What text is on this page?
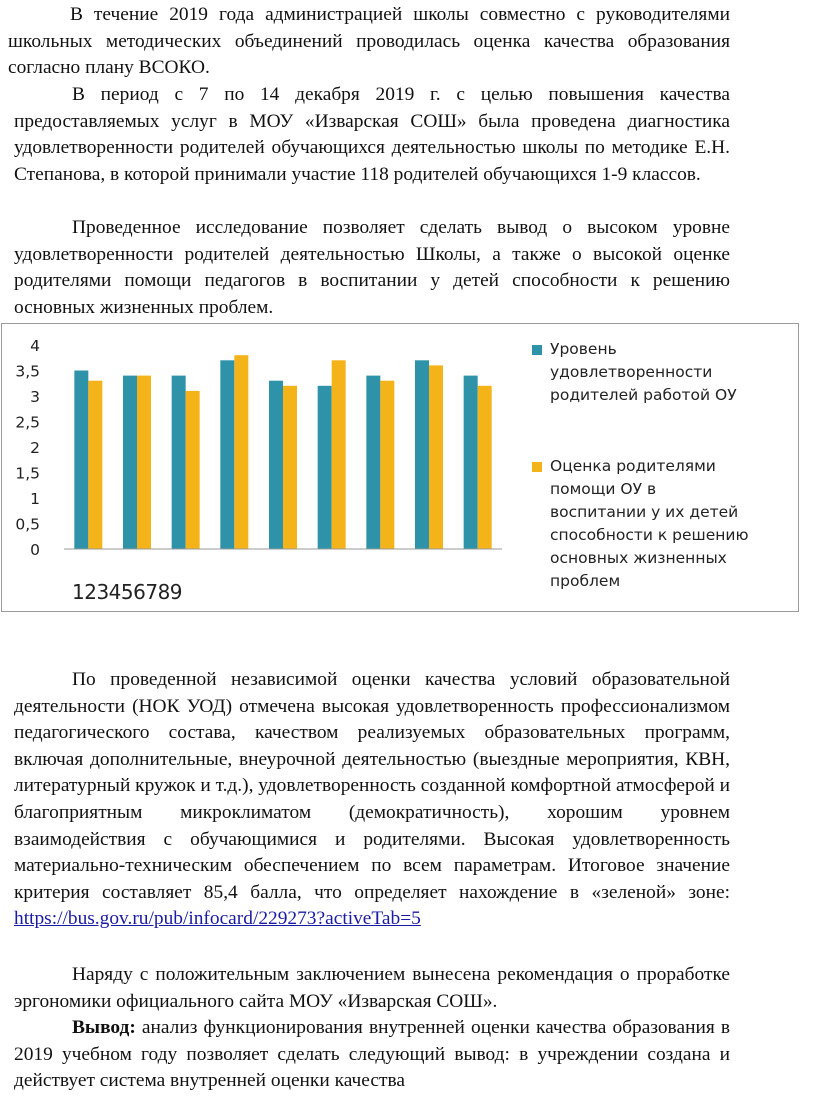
В течение 2019 года администрацией школы совместно с руководителями школьных методических объединений проводилась оценка качества образования согласно плану ВСОКО.

В период с 7 по 14 декабря 2019 г. с целью повышения качества предоставляемых услуг в МОУ «Изварская СОШ» была проведена диагностика удовлетворенности родителей обучающихся деятельностью школы по методике Е.Н. Степанова, в которой принимали участие 118 родителей обучающихся 1-9 классов.

Проведенное исследование позволяет сделать вывод о высоком уровне удовлетворенности родителей деятельностью Школы, а также о высокой оценке родителями помощи педагогов в воспитании у детей способности к решению основных жизненных проблем.

0
0,5
1
1,5
2
2,5
3
3,5
4
123456789
Уровень удовлетворенности родителей работой ОУ
Оценка родителями помощи ОУ в воспитании у их детей способности к решению основных жизненных проблем

По проведенной независимой оценки качества условий образовательной деятельности (НОК УОД) отмечена высокая удовлетворенность профессионализмом педагогического состава, качеством реализуемых образовательных программ, включая дополнительные, внеурочной деятельностью (выездные мероприятия, КВН, литературный кружок и т.д.), удовлетворенность созданной комфортной атмосферой и благоприятным микроклиматом (демократичность), хорошим уровнем взаимодействия с обучающимися и родителями. Высокая удовлетворенность материально-техническим обеспечением по всем параметрам. Итоговое значение критерия составляет 85,4 балла, что определяет нахождение в «зеленой» зоне: https://bus.gov.ru/pub/infocard/229273?activeTab=5

Наряду с положительным заключением вынесена рекомендация о проработке эргономики официального сайта МОУ «Изварская СОШ».

Вывод: анализ функционирования внутренней оценки качества образования в 2019 учебном году позволяет сделать следующий вывод: в учреждении создана и действует система внутренней оценки качества
